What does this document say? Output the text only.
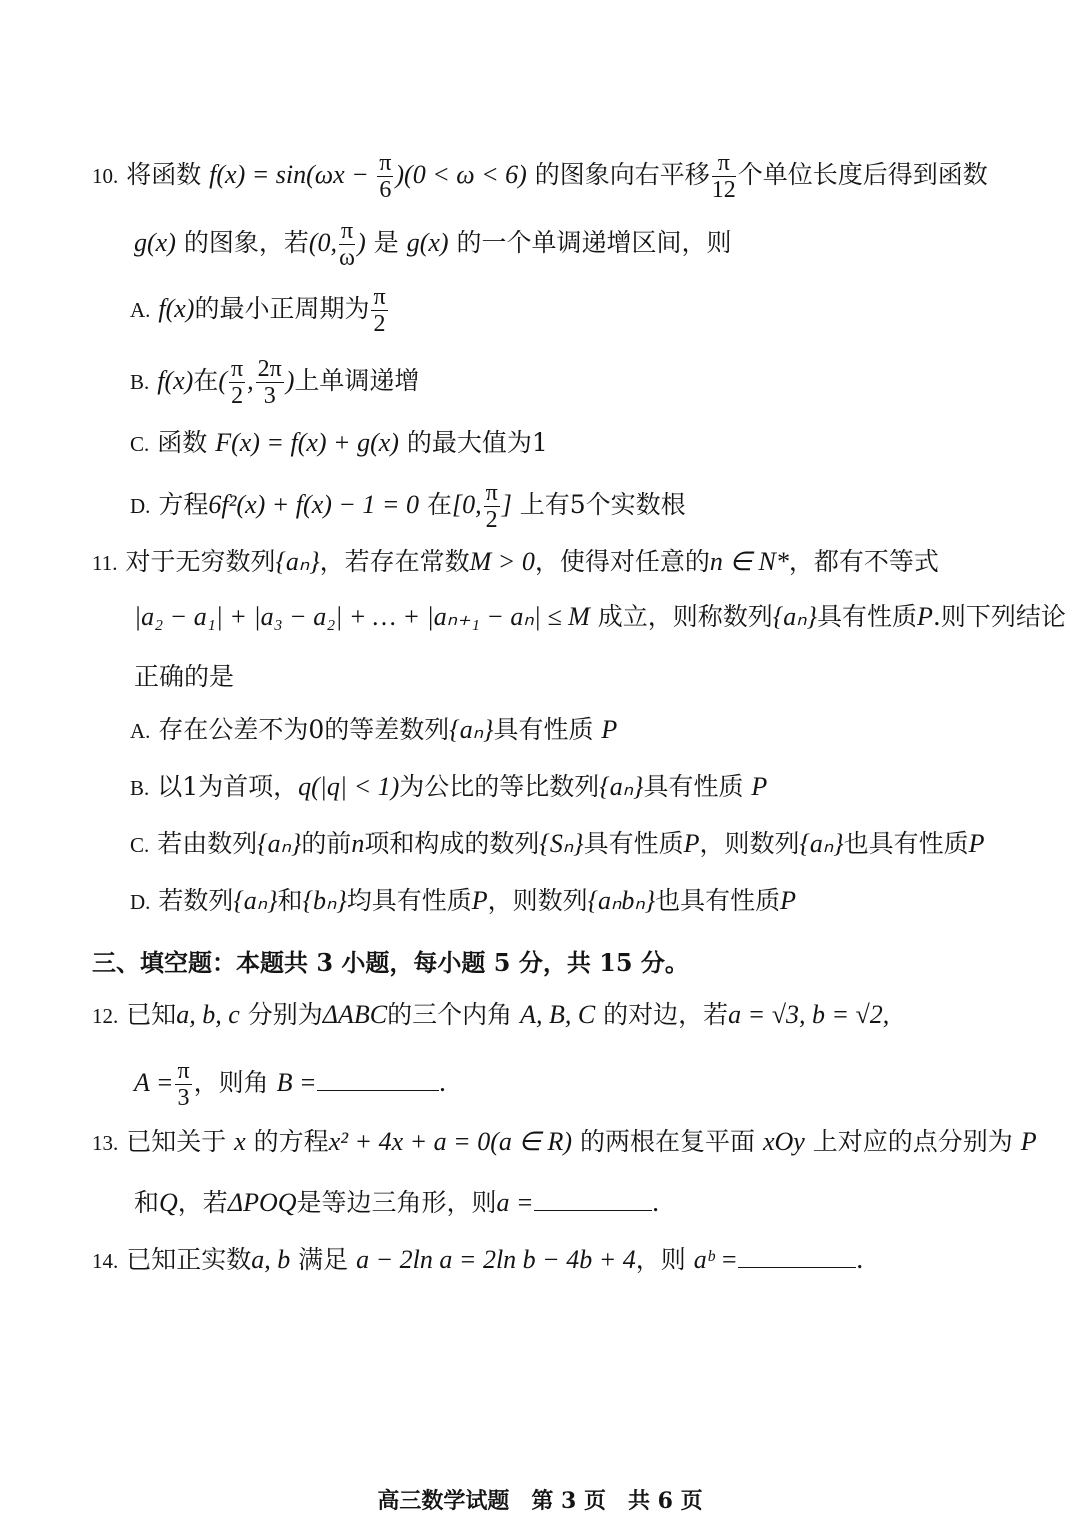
10. 将函数 $f(x) = \sin(\omega x - \frac{\pi}{6} )(0 < \omega < 6)$ 的图象向右平移 $\frac{\pi}{12}$ 个单位长度后得到函数
g(x) 的图象，若(0, $\frac{\pi}{\omega}$ ) 是 g(x) 的一个单调递增区间，则
A. f(x)的最小正周期为 $\frac{\pi}{2}$
B. f(x)在( $\frac{\pi}{2}$ , $\frac{2\pi}{3}$ )上单调递增
C. 函数 F(x) = f(x) + g(x) 的最大值为1
D. 方程6f²(x) + f(x) − 1 = 0 在[0, $\frac{\pi}{2}$ ] 上有5个实数根
11. 对于无穷数列{aₙ}，若存在常数M > 0，使得对任意的n ∈ N*，都有不等式
|a₂ − a₁| + |a₃ − a₂| + … + |aₙ₊₁ − aₙ| ≤ M 成立，则称数列{aₙ}具有性质P.则下列结论
正确的是
A. 存在公差不为0的等差数列{aₙ}具有性质 P
B. 以1为首项，q(|q| < 1)为公比的等比数列{aₙ}具有性质 P
C. 若由数列{aₙ}的前n项和构成的数列{Sₙ}具有性质P，则数列{aₙ}也具有性质P
D. 若数列{aₙ}和{bₙ}均具有性质P，则数列{aₙbₙ}也具有性质P
三、填空题：本题共 3 小题，每小题 5 分，共 15 分。
12. 已知a, b, c 分别为ΔABC的三个内角 A, B, C 的对边，若a = √3, b = √2,
$A = \frac{\pi}{3}$ ，则角 B =	.
13. 已知关于 x 的方程x² + 4x + a = 0(a ∈ R) 的两根在复平面 xOy 上对应的点分别为 P
和Q，若ΔPOQ是等边三角形，则a =	.
14. 已知正实数a, b 满足 a − 2ln a = 2ln b − 4b + 4，则 aᵇ =	.
高三数学试题　第 3 页　共 6 页
